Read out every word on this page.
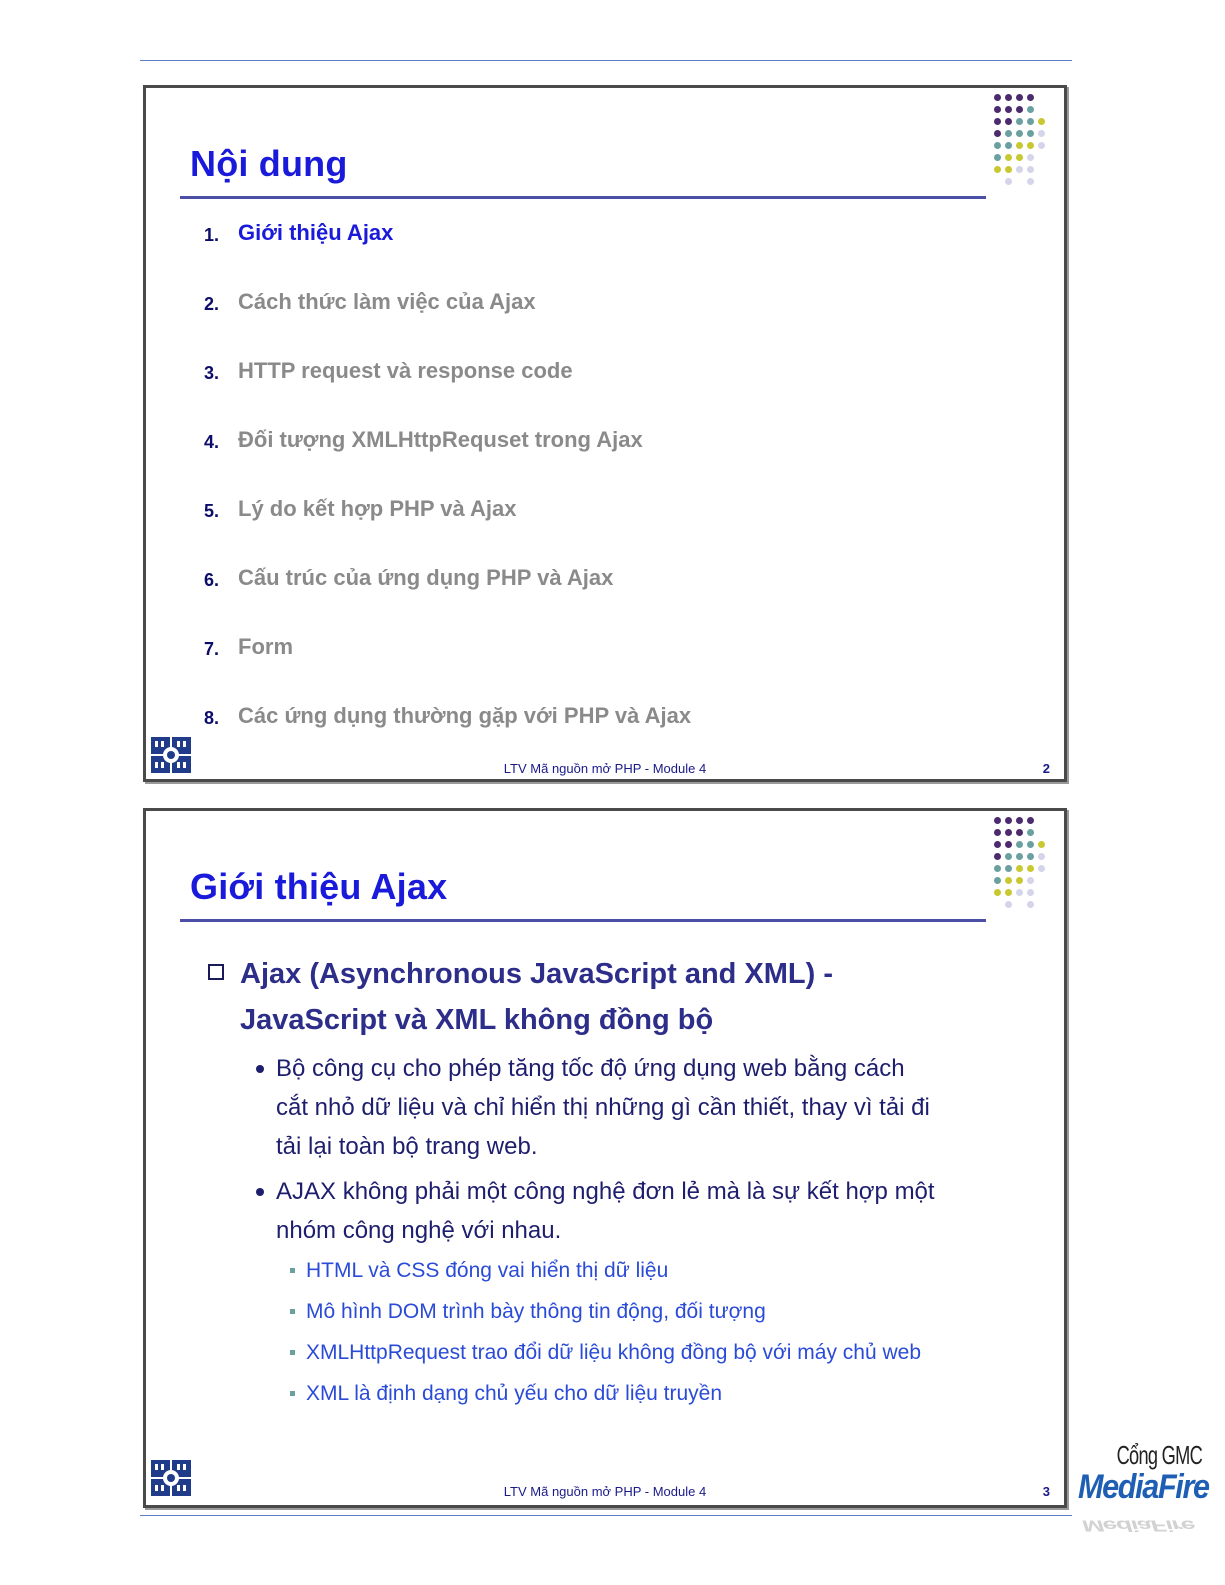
Nội dung
1. Giới thiệu Ajax
2. Cách thức làm việc của Ajax
3. HTTP request và response code
4. Đối tượng XMLHttpRequset trong Ajax
5. Lý do kết hợp PHP và Ajax
6. Cấu trúc của ứng dụng PHP và Ajax
7. Form
8. Các ứng dụng thường gặp với PHP và Ajax
LTV Mã nguồn mở PHP - Module 4	2
Giới thiệu Ajax
Ajax (Asynchronous JavaScript and XML) -
JavaScript và XML không đồng bộ
Bộ công cụ cho phép tăng tốc độ ứng dụng web bằng cách
cắt nhỏ dữ liệu và chỉ hiển thị những gì cần thiết, thay vì tải đi
tải lại toàn bộ trang web.
AJAX không phải một công nghệ đơn lẻ mà là sự kết hợp một
nhóm công nghệ với nhau.
HTML và CSS đóng vai hiển thị dữ liệu
Mô hình DOM trình bày thông tin động, đối tượng
XMLHttpRequest trao đổi dữ liệu không đồng bộ với máy chủ web
XML là định dạng chủ yếu cho dữ liệu truyền
LTV Mã nguồn mở PHP - Module 4	3
Cổng GMC
MediaFire
MediaFire
